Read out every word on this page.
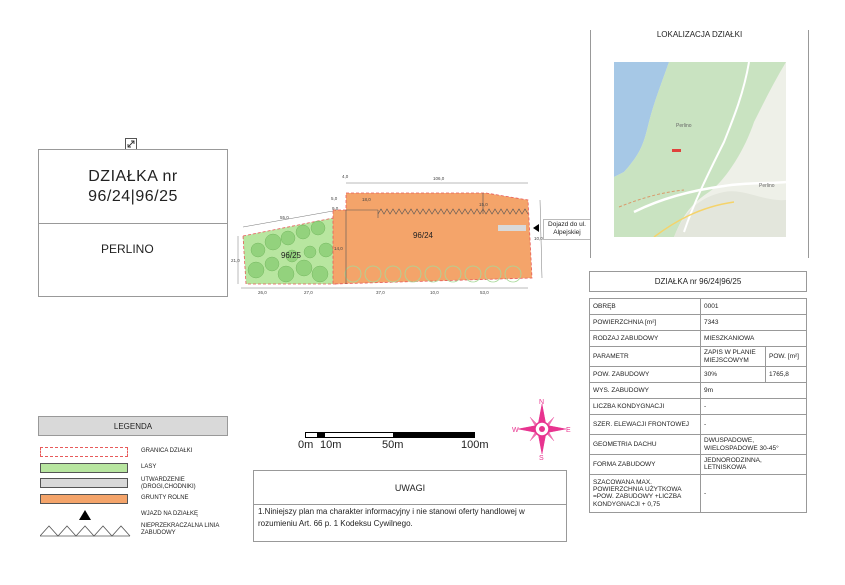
DZIAŁKA nr
96/24|96/25
PERLINO
96/24
96/25
4,0	106,0
5,0
9,0
18,0
15,0
55,0
21,0
14,0
10,0
26,0	27,0	37,0	10,0	53,0
Dojazd do ul. Alpejskiej
LOKALIZACJA DZIAŁKI
Perlino
Perlino
DZIAŁKA nr 96/24|96/25
OBRĘB	0001	
POWIERZCHNIA [m²]	7343	
RODZAJ ZABUDOWY	MIESZKANIOWA	
PARAMETR	ZAPIS W PLANIE MIEJSCOWYM	POW. [m²]
POW. ZABUDOWY	30%	1765,8
WYS. ZABUDOWY	9m	
LICZBA KONDYGNACJI	-	
SZER. ELEWACJI FRONTOWEJ	-	
GEOMETRIA DACHU	DWUSPADOWE, WIELOSPADOWE 30-45°	
FORMA ZABUDOWY	JEDNORODZINNA, LETNISKOWA	
SZACOWANA MAX. POWIERZCHNIA UŻYTKOWA =POW. ZABUDOWY +LICZBA KONDYGNACJI + 0,75	-	
LEGENDA
GRANICA DZIAŁKI
LASY
UTWARDZENIE (DROGI,CHODNIKI)
GRUNTY ROLNE
WJAZD NA DZIAŁKĘ
NIEPRZEKRACZALNA LINIA ZABUDOWY
0m 10m	50m	100m
N
E
S
W
UWAGI
1.Niniejszy plan ma charakter informacyjny i nie stanowi oferty handlowej w rozumieniu Art. 66 p. 1 Kodeksu Cywilnego.
